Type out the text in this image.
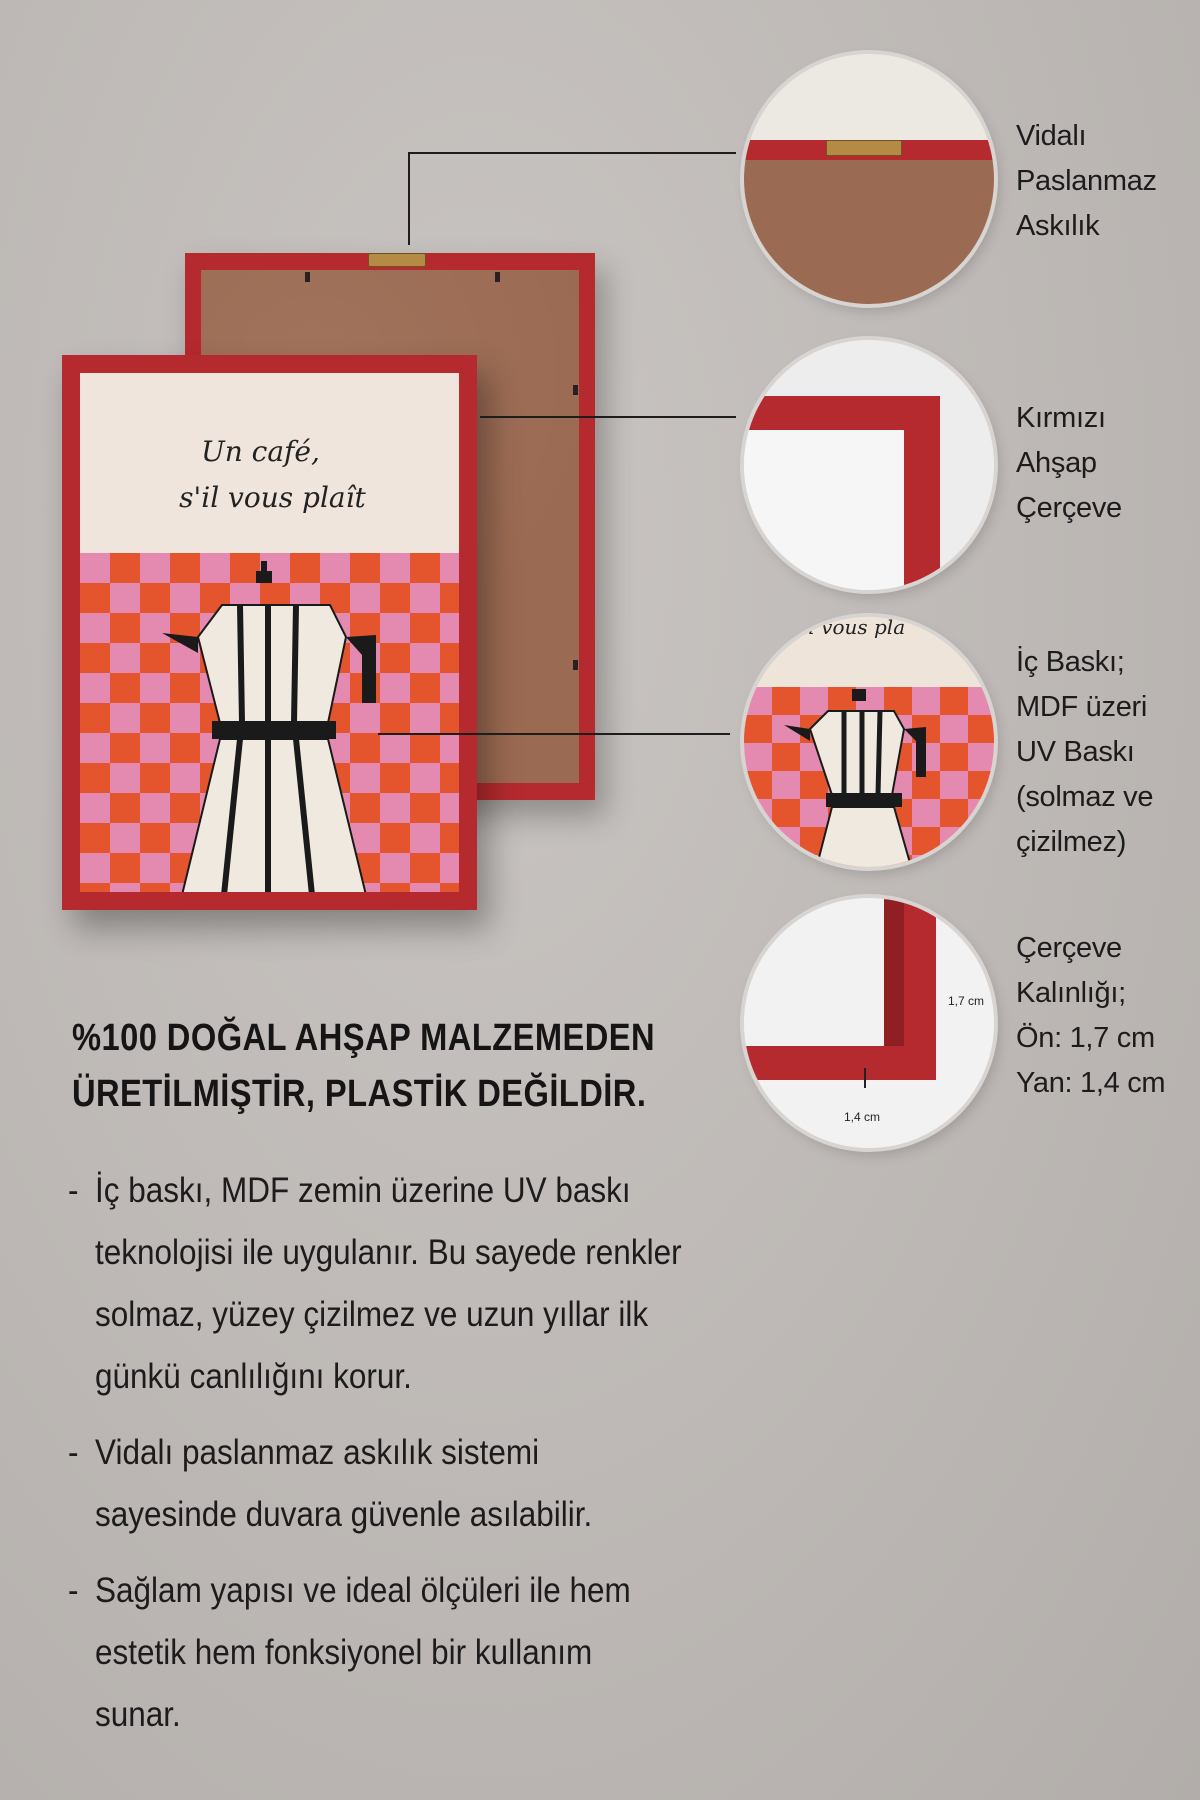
Un café,
s'il vous plaît
Vidalı
Paslanmaz
Askılık
Kırmızı
Ahşap
Çerçeve
il vous pla
İç Baskı;
MDF üzeri
UV Baskı
(solmaz ve
çizilmez)
1,7 cm
1,4 cm
Çerçeve
Kalınlığı;
Ön: 1,7 cm
Yan: 1,4 cm
%100 DOĞAL AHŞAP MALZEMEDEN
ÜRETİLMİŞTİR, PLASTİK DEĞİLDİR.
- İç baskı, MDF zemin üzerine UV baskı
teknolojisi ile uygulanır. Bu sayede renkler
solmaz, yüzey çizilmez ve uzun yıllar ilk
günkü canlılığını korur.
- Vidalı paslanmaz askılık sistemi
sayesinde duvara güvenle asılabilir.
- Sağlam yapısı ve ideal ölçüleri ile hem
estetik hem fonksiyonel bir kullanım
sunar.
